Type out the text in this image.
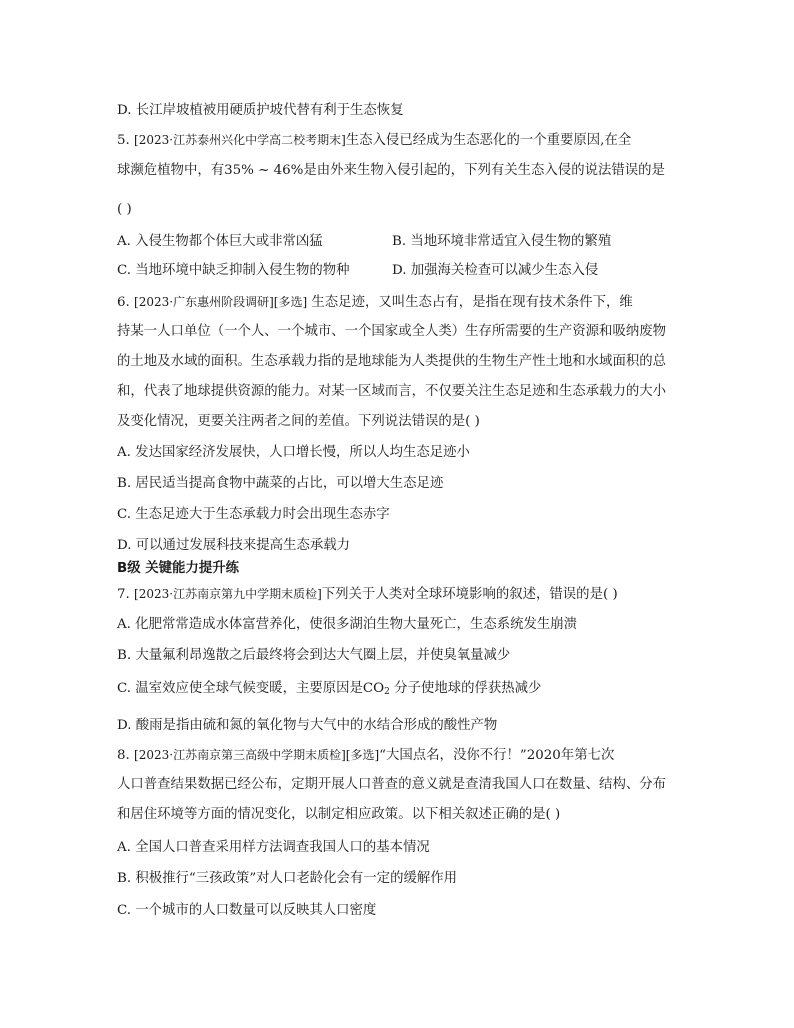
D. 长江岸坡植被用硬质护坡代替有利于生态恢复
5. [2023·江苏泰州兴化中学高二校考期末]生态入侵已经成为生态恶化的一个重要原因,在全
球濒危植物中，有35% ~ 46%是由外来生物入侵引起的，下列有关生态入侵的说法错误的是
( )
A. 入侵生物都个体巨大或非常凶猛	B. 当地环境非常适宜入侵生物的繁殖
C. 当地环境中缺乏抑制入侵生物的物种	D. 加强海关检查可以减少生态入侵
6. [2023·广东惠州阶段调研][多选] 生态足迹，又叫生态占有，是指在现有技术条件下，维
持某一人口单位（一个人、一个城市、一个国家或全人类）生存所需要的生产资源和吸纳废物
的土地及水域的面积。生态承载力指的是地球能为人类提供的生物生产性土地和水域面积的总
和，代表了地球提供资源的能力。对某一区域而言，不仅要关注生态足迹和生态承载力的大小
及变化情况，更要关注两者之间的差值。下列说法错误的是( )
A. 发达国家经济发展快，人口增长慢，所以人均生态足迹小
B. 居民适当提高食物中蔬菜的占比，可以增大生态足迹
C. 生态足迹大于生态承载力时会出现生态赤字
D. 可以通过发展科技来提高生态承载力
B级 关键能力提升练
7. [2023·江苏南京第九中学期末质检]下列关于人类对全球环境影响的叙述，错误的是( )
A. 化肥常常造成水体富营养化，使很多湖泊生物大量死亡，生态系统发生崩溃
B. 大量氟利昂逸散之后最终将会到达大气圈上层，并使臭氧量减少
C. 温室效应使全球气候变暖，主要原因是$CO_2$ 分子使地球的俘获热减少
D. 酸雨是指由硫和氮的氧化物与大气中的水结合形成的酸性产物
8. [2023·江苏南京第三高级中学期末质检][多选]“大国点名，没你不行！”2020年第七次
人口普查结果数据已经公布，定期开展人口普查的意义就是查清我国人口在数量、结构、分布
和居住环境等方面的情况变化，以制定相应政策。以下相关叙述正确的是( )
A. 全国人口普查采用样方法调查我国人口的基本情况
B. 积极推行“三孩政策”对人口老龄化会有一定的缓解作用
C. 一个城市的人口数量可以反映其人口密度
